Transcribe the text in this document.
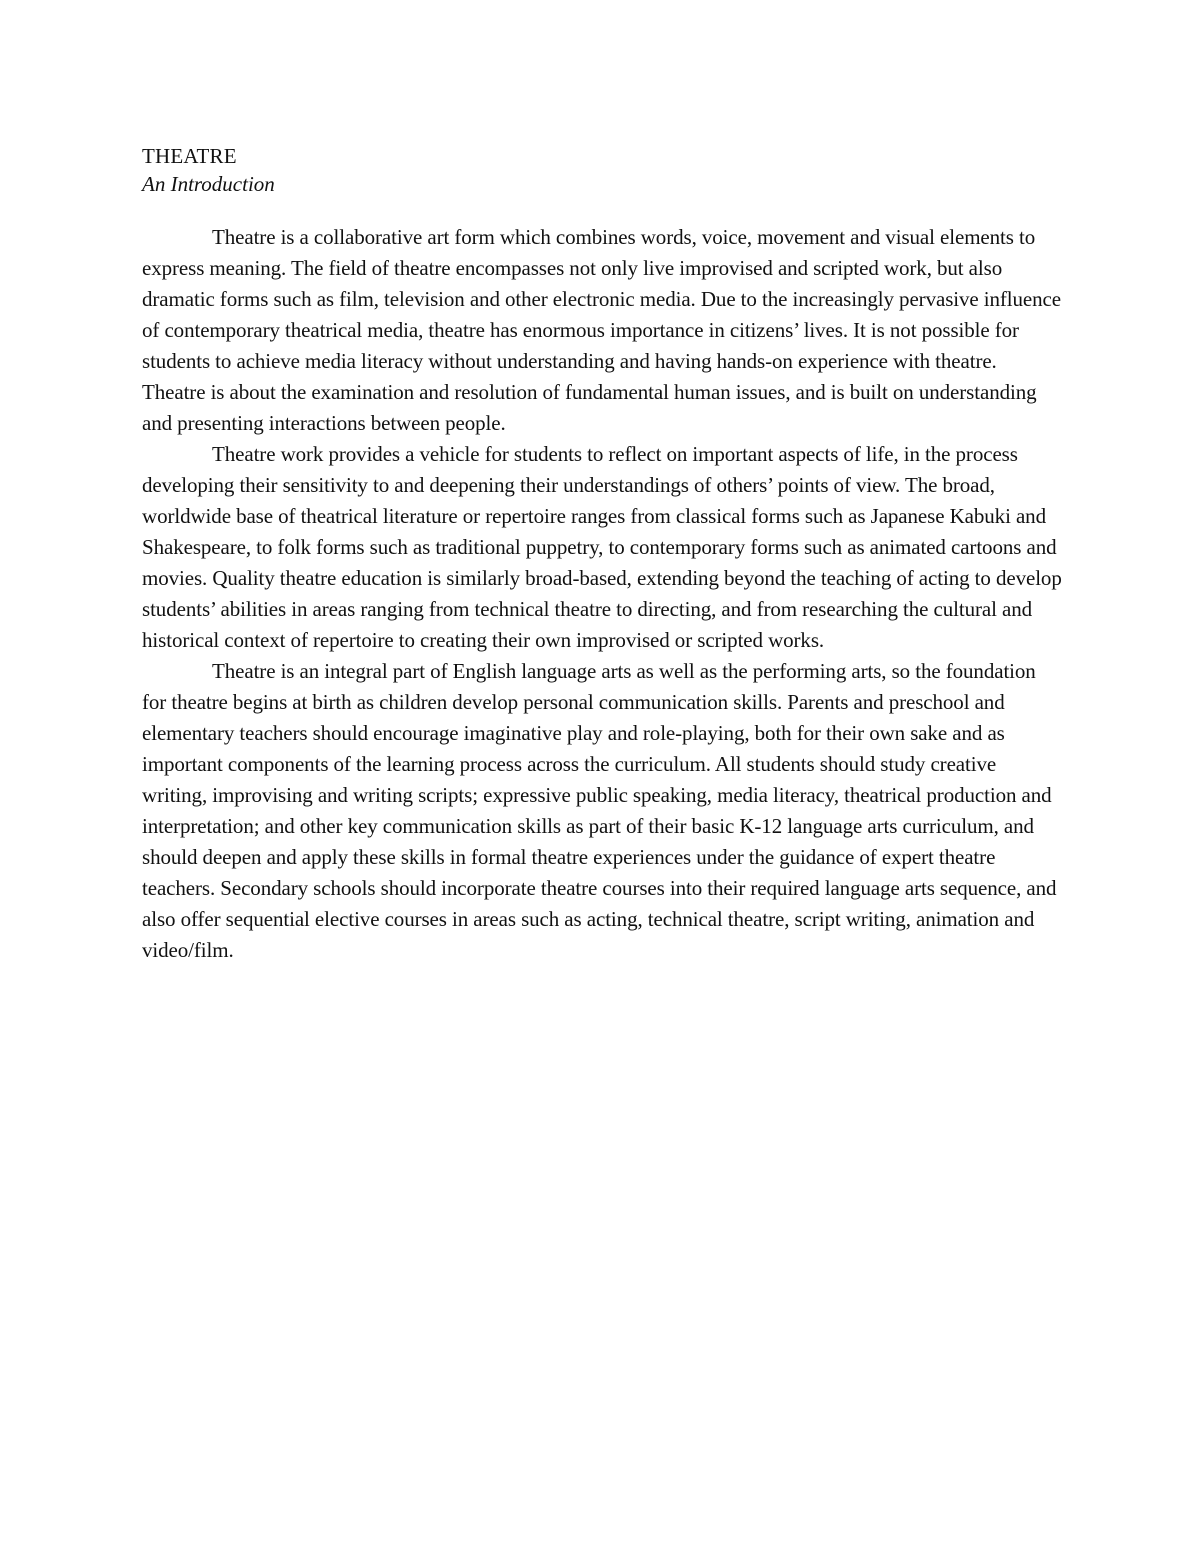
THEATRE

An Introduction

Theatre is a collaborative art form which combines words, voice, movement and visual elements to express meaning. The field of theatre encompasses not only live improvised and scripted work, but also dramatic forms such as film, television and other electronic media. Due to the increasingly pervasive influence of contemporary theatrical media, theatre has enormous importance in citizens’ lives. It is not possible for students to achieve media literacy without understanding and having hands-on experience with theatre. Theatre is about the examination and resolution of fundamental human issues, and is built on understanding and presenting interactions between people.

Theatre work provides a vehicle for students to reflect on important aspects of life, in the process developing their sensitivity to and deepening their understandings of others’ points of view. The broad, worldwide base of theatrical literature or repertoire ranges from classical forms such as Japanese Kabuki and Shakespeare, to folk forms such as traditional puppetry, to contemporary forms such as animated cartoons and movies. Quality theatre education is similarly broad-based, extending beyond the teaching of acting to develop students’ abilities in areas ranging from technical theatre to directing, and from researching the cultural and historical context of repertoire to creating their own improvised or scripted works.

Theatre is an integral part of English language arts as well as the performing arts, so the foundation for theatre begins at birth as children develop personal communication skills. Parents and preschool and elementary teachers should encourage imaginative play and role-playing, both for their own sake and as important components of the learning process across the curriculum. All students should study creative writing, improvising and writing scripts; expressive public speaking, media literacy, theatrical production and interpretation; and other key communication skills as part of their basic K-12 language arts curriculum, and should deepen and apply these skills in formal theatre experiences under the guidance of expert theatre teachers. Secondary schools should incorporate theatre courses into their required language arts sequence, and also offer sequential elective courses in areas such as acting, technical theatre, script writing, animation and video/film.
